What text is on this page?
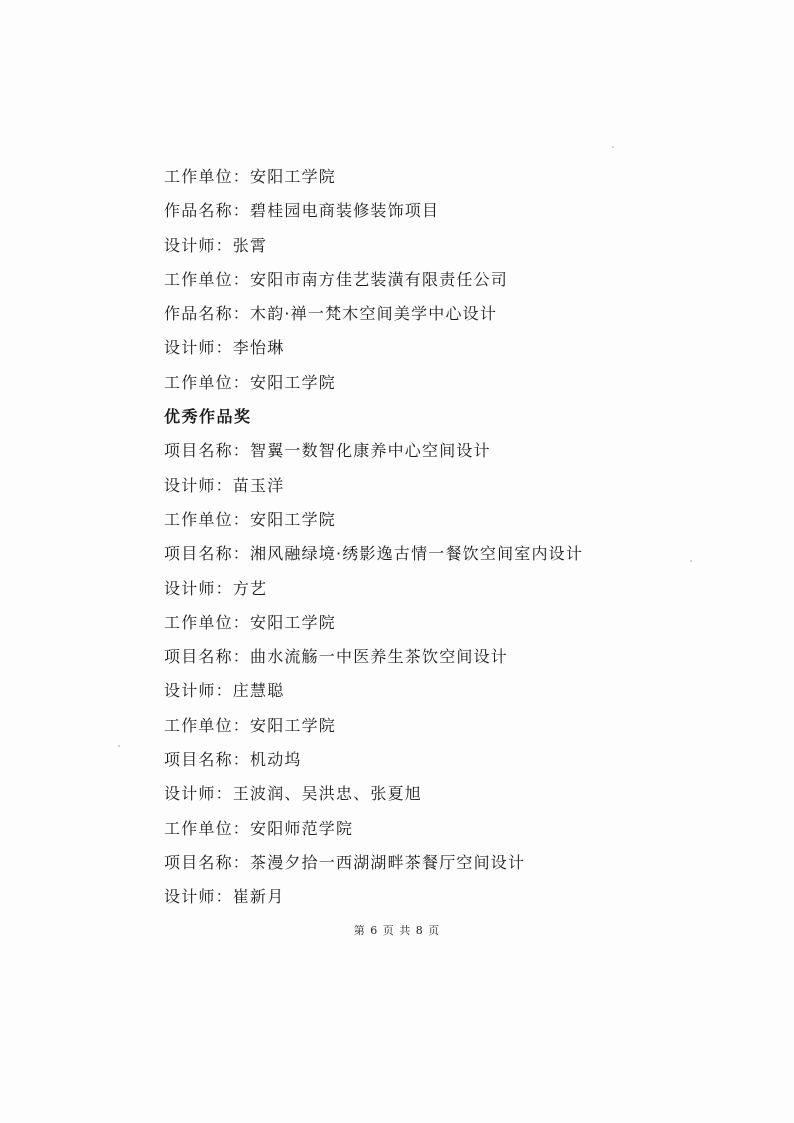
工作单位：安阳工学院
作品名称：碧桂园电商装修装饰项目
设计师：张霄
工作单位：安阳市南方佳艺装潢有限责任公司
作品名称：木韵·禅一梵木空间美学中心设计
设计师：李怡琳
工作单位：安阳工学院
优秀作品奖
项目名称：智翼一数智化康养中心空间设计
设计师：苗玉洋
工作单位：安阳工学院
项目名称：湘风融绿境·绣影逸古情一餐饮空间室内设计
设计师：方艺
工作单位：安阳工学院
项目名称：曲水流觞一中医养生茶饮空间设计
设计师：庄慧聪
工作单位：安阳工学院
项目名称：机动坞
设计师：王波润、吴洪忠、张夏旭
工作单位：安阳师范学院
项目名称：茶漫夕拾一西湖湖畔茶餐厅空间设计
设计师：崔新月
第 6 页 共 8 页
